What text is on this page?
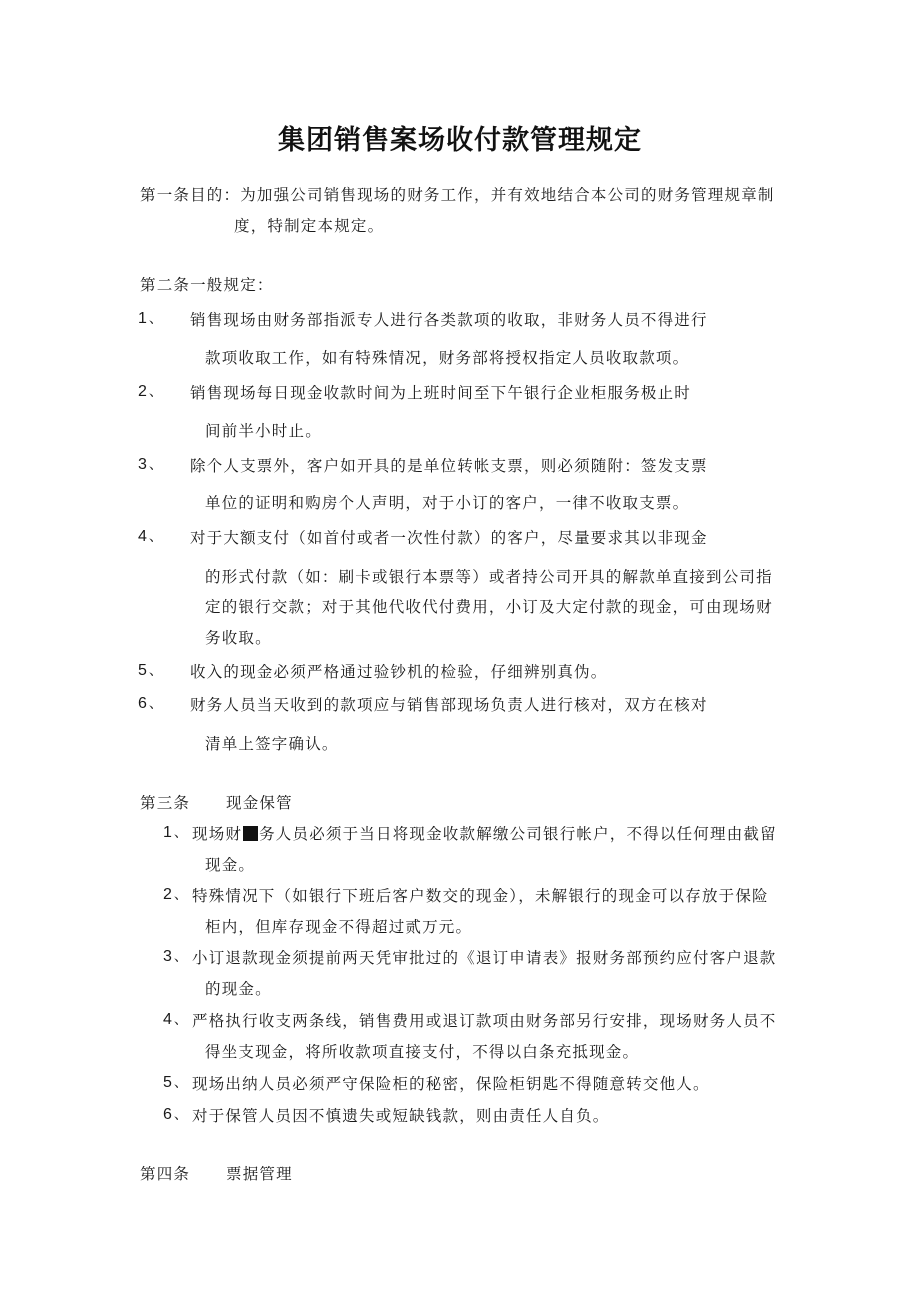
集团销售案场收付款管理规定
第一条目的：为加强公司销售现场的财务工作，并有效地结合本公司的财务管理规章制
度，特制定本规定。
第二条一般规定：
1 、 销售现场由财务部指派专人进行各类款项的收取，非财务人员不得进行
款项收取工作，如有特殊情况，财务部将授权指定人员收取款项。
2 、 销售现场每日现金收款时间为上班时间至下午银行企业柜服务极止时
间前半小时止。
3 、 除个人支票外，客户如开具的是单位转帐支票，则必须随附：签发支票
单位的证明和购房个人声明，对于小订的客户，一律不收取支票。
4 、 对于大额支付（如首付或者一次性付款）的客户，尽量要求其以非现金
的形式付款（如：刷卡或银行本票等）或者持公司开具的解款单直接到公司指
定的银行交款；对于其他代收代付费用，小订及大定付款的现金，可由现场财
务收取。
5 、 收入的现金必须严格通过验钞机的检验，仔细辨别真伪。
6 、 财务人员当天收到的款项应与销售部现场负责人进行核对，双方在核对
清单上签字确认。
第三条 现金保管
1 、 现场财 务人员必须于当日将现金收款解缴公司银行帐户，不得以任何理由截留
现金。
2 、 特殊情况下（如银行下班后客户数交的现金），未解银行的现金可以存放于保险
柜内，但库存现金不得超过贰万元。
3 、 小订退款现金须提前两天凭审批过的《退订申请表》报财务部预约应付客户退款
的现金。
4 、 严格执行收支两条线，销售费用或退订款项由财务部另行安排，现场财务人员不
得坐支现金，将所收款项直接支付，不得以白条充抵现金。
5 、 现场出纳人员必须严守保险柜的秘密，保险柜钥匙不得随意转交他人。
6 、 对于保管人员因不慎遗失或短缺钱款，则由责任人自负。
第四条 票据管理
